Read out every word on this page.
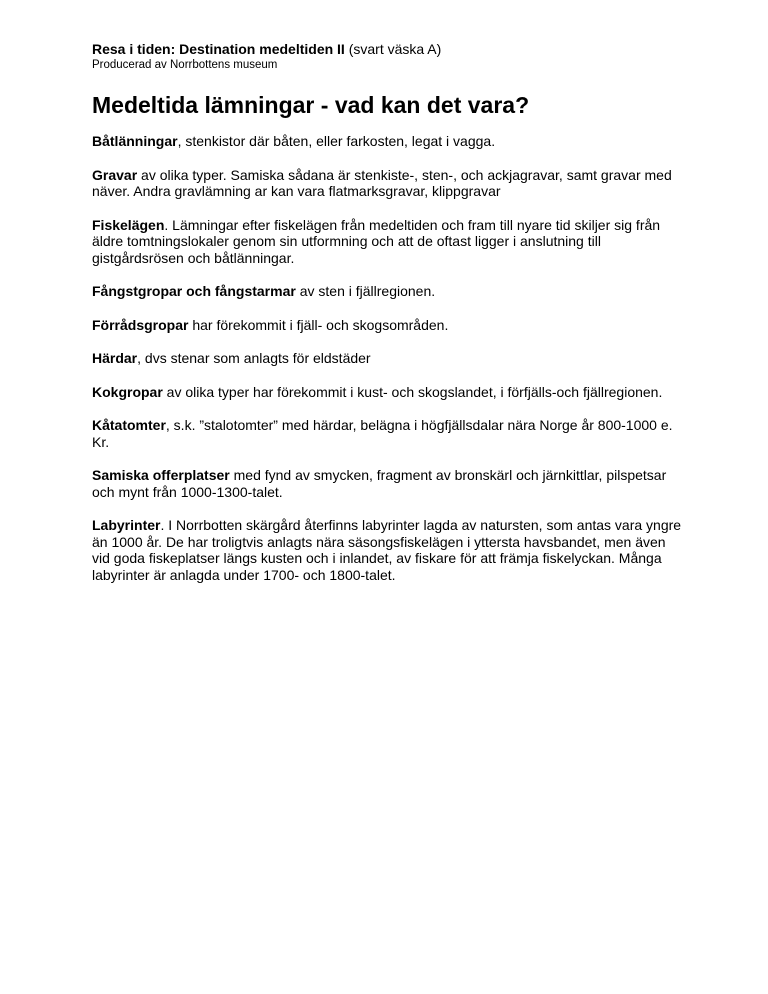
Resa i tiden: Destination medeltiden II (svart väska A)

Producerad av Norrbottens museum

Medeltida lämningar - vad kan det vara?

Båtlänningar, stenkistor där båten, eller farkosten, legat i vagga.

Gravar av olika typer. Samiska sådana är stenkiste-, sten-, och ackjagravar, samt gravar med näver. Andra gravlämning ar kan vara flatmarksgravar, klippgravar

Fiskelägen. Lämningar efter fiskelägen från medeltiden och fram till nyare tid skiljer sig från äldre tomtningslokaler genom sin utformning och att de oftast ligger i anslutning till gistgårdsrösen och båtlänningar.

Fångstgropar och fångstarmar av sten i fjällregionen.

Förrådsgropar har förekommit i fjäll- och skogsområden.

Härdar, dvs stenar som anlagts för eldstäder

Kokgropar av olika typer har förekommit i kust- och skogslandet, i förfjälls-och fjällregionen.

Kåtatomter, s.k. ”stalotomter” med härdar, belägna i högfjällsdalar nära Norge år 800-1000 e. Kr.

Samiska offerplatser med fynd av smycken, fragment av bronskärl och järnkittlar, pilspetsar och mynt från 1000-1300-talet.

Labyrinter. I Norrbotten skärgård återfinns labyrinter lagda av natursten, som antas vara yngre än 1000 år. De har troligtvis anlagts nära säsongsfiskelägen i yttersta havsbandet, men även vid goda fiskeplatser längs kusten och i inlandet, av fiskare för att främja fiskelyckan. Många labyrinter är anlagda under 1700- och 1800-talet.
